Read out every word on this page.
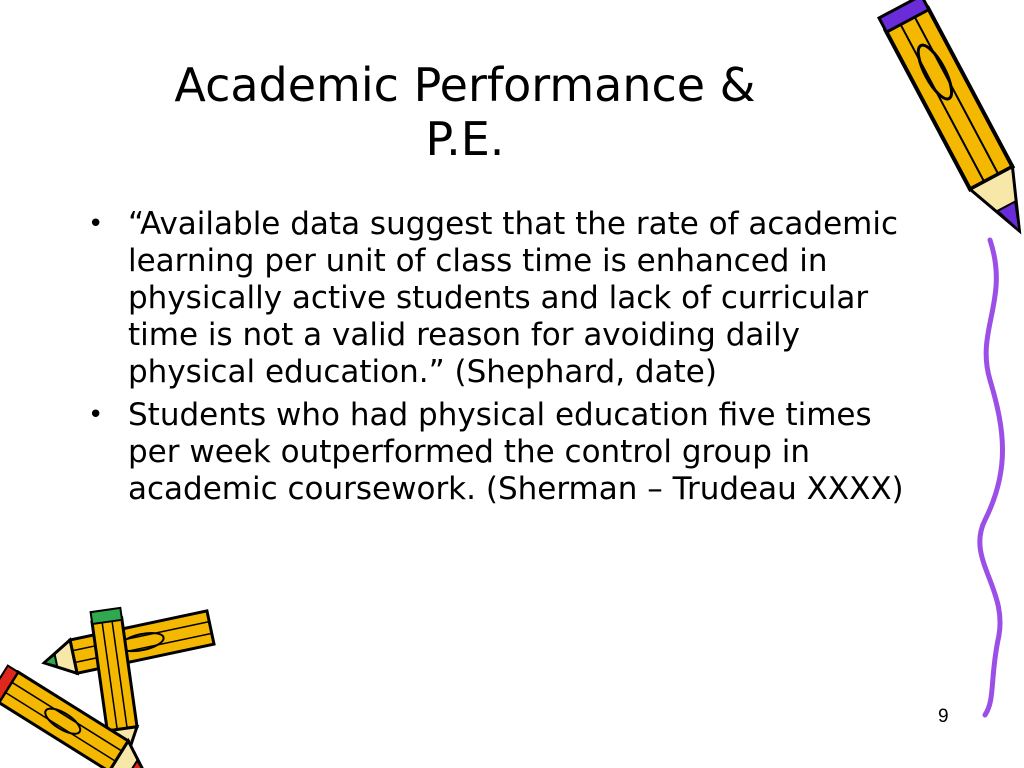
Academic Performance &
P.E.
• “Available data suggest that the rate of academic learning per unit of class time is enhanced in physically active students and lack of curricular time is not a valid reason for avoiding daily physical education.” (Shephard, date)
• Students who had physical education five times per week outperformed the control group in academic coursework. (Sherman – Trudeau XXXX)
9
